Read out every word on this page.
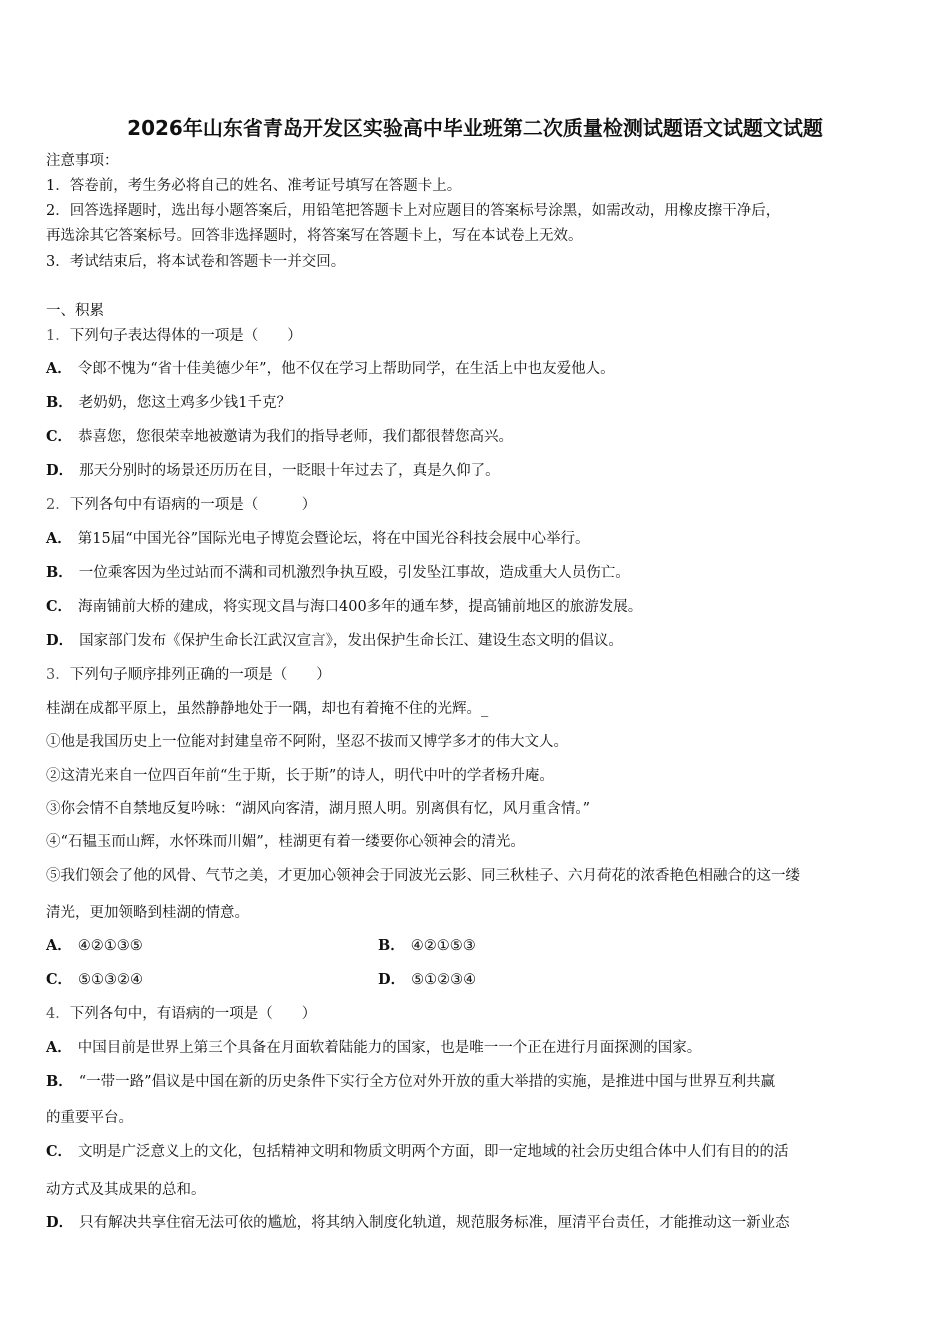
2026年山东省青岛开发区实验高中毕业班第二次质量检测试题语文试题文试题
注意事项：
1．答卷前，考生务必将自己的姓名、准考证号填写在答题卡上。
2．回答选择题时，选出每小题答案后，用铅笔把答题卡上对应题目的答案标号涂黑，如需改动，用橡皮擦干净后，
再选涂其它答案标号。回答非选择题时，将答案写在答题卡上，写在本试卷上无效。
3．考试结束后，将本试卷和答题卡一并交回。
一、积累
1．下列句子表达得体的一项是（　　）
A． 令郎不愧为“省十佳美德少年”，他不仅在学习上帮助同学，在生活上中也友爱他人。
B． 老奶奶，您这土鸡多少钱1千克？
C． 恭喜您，您很荣幸地被邀请为我们的指导老师，我们都很替您高兴。
D． 那天分别时的场景还历历在目，一眨眼十年过去了，真是久仰了。
2．下列各句中有语病的一项是（　　　）
A． 第15届“中国光谷”国际光电子博览会暨论坛，将在中国光谷科技会展中心举行。
B． 一位乘客因为坐过站而不满和司机激烈争执互殴，引发坠江事故，造成重大人员伤亡。
C． 海南铺前大桥的建成，将实现文昌与海口400多年的通车梦，提高铺前地区的旅游发展。
D． 国家部门发布《保护生命长江武汉宣言》，发出保护生命长江、建设生态文明的倡议。
3．下列句子顺序排列正确的一项是（　　）
桂湖在成都平原上，虽然静静地处于一隅，却也有着掩不住的光辉。_
①他是我国历史上一位能对封建皇帝不阿附，坚忍不拔而又博学多才的伟大文人。
②这清光来自一位四百年前“生于斯，长于斯”的诗人，明代中叶的学者杨升庵。
③你会情不自禁地反复吟咏：“湖风向客清，湖月照人明。别离俱有忆，风月重含情。”
④“石韫玉而山辉，水怀珠而川媚”，桂湖更有着一缕要你心领神会的清光。
⑤我们领会了他的风骨、气节之美，才更加心领神会于同波光云影、同三秋桂子、六月荷花的浓香艳色相融合的这一缕
清光，更加领略到桂湖的情意。
A． ④②①③⑤	B． ④②①⑤③
C． ⑤①③②④	D． ⑤①②③④
4．下列各句中，有语病的一项是（　　）
A． 中国目前是世界上第三个具备在月面软着陆能力的国家，也是唯一一个正在进行月面探测的国家。
B． “一带一路”倡议是中国在新的历史条件下实行全方位对外开放的重大举措的实施，是推进中国与世界互利共赢
的重要平台。
C． 文明是广泛意义上的文化，包括精神文明和物质文明两个方面，即一定地域的社会历史组合体中人们有目的的活
动方式及其成果的总和。
D． 只有解决共享住宿无法可依的尴尬，将其纳入制度化轨道，规范服务标准，厘清平台责任，才能推动这一新业态
